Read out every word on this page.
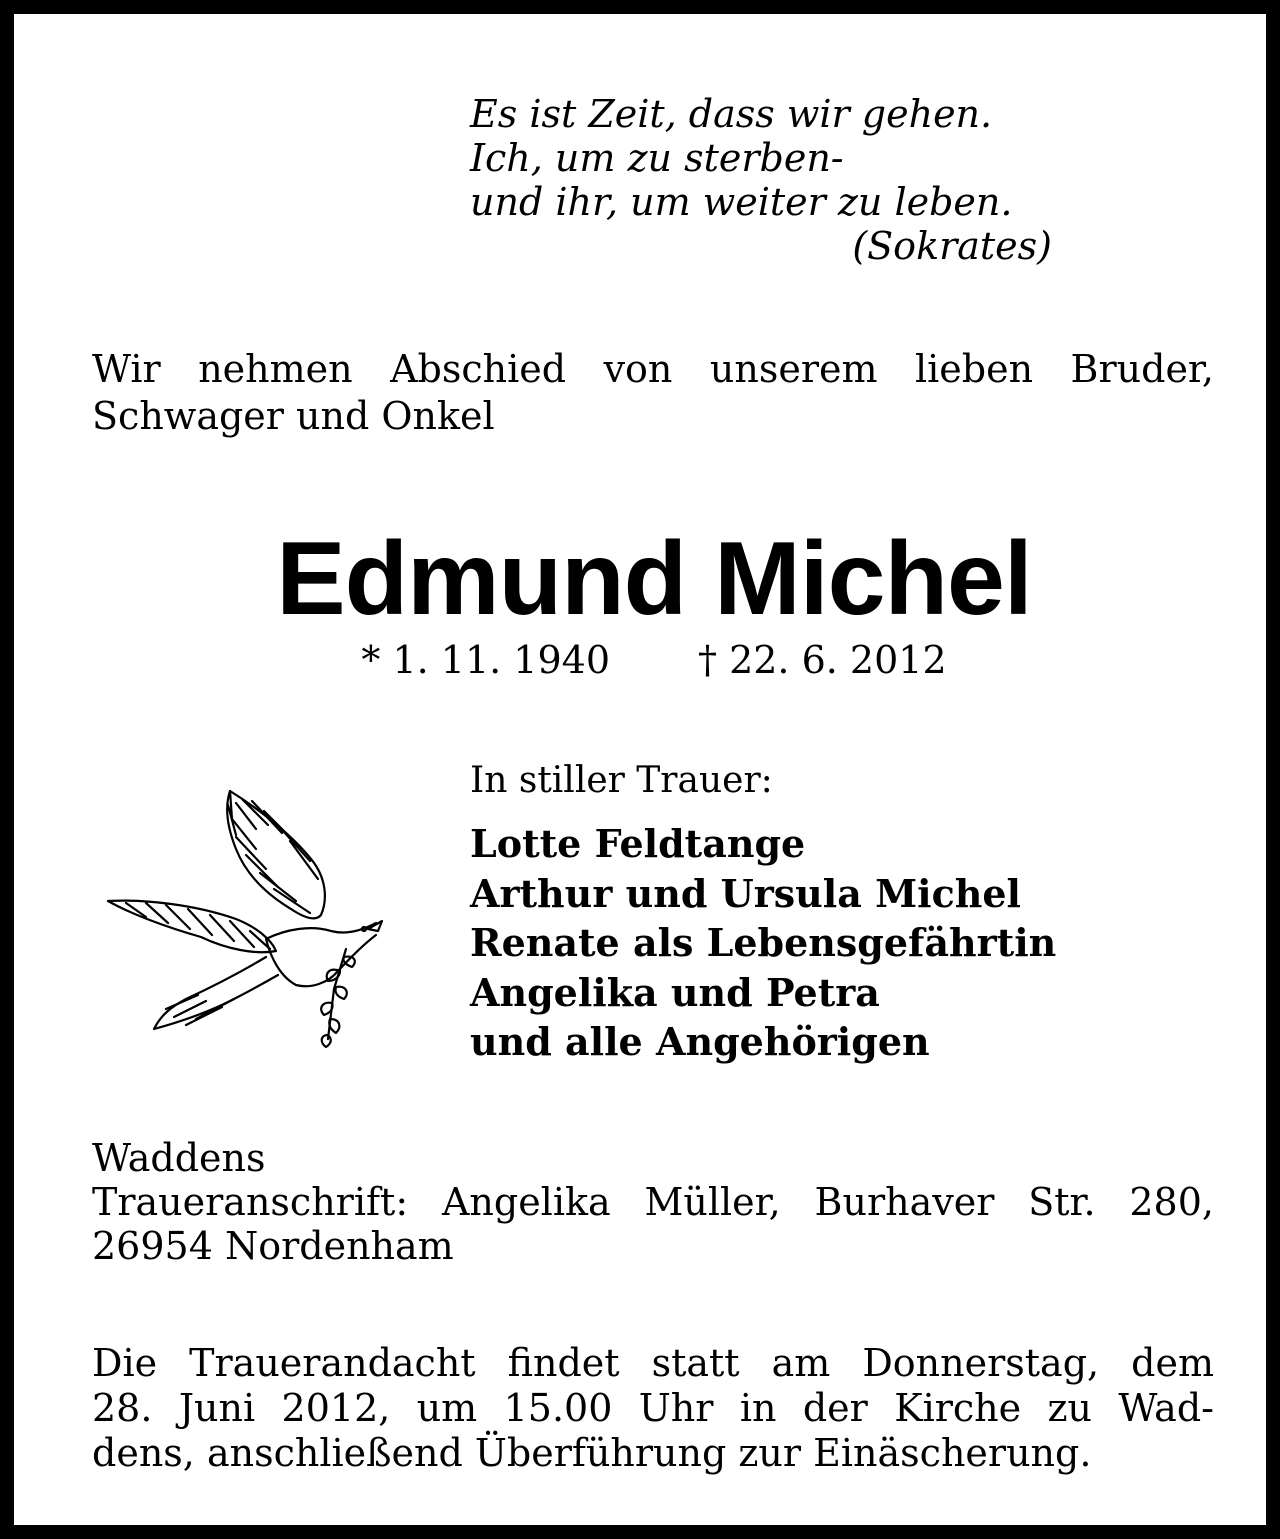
Es ist Zeit, dass wir gehen.
Ich, um zu sterben-
und ihr, um weiter zu leben.
(Sokrates)
Wir nehmen Abschied von unserem lieben Bruder,
Schwager und Onkel
Edmund Michel
* 1. 11. 1940 † 22. 6. 2012
In stiller Trauer:
Lotte Feldtange
Arthur und Ursula Michel
Renate als Lebensgefährtin
Angelika und Petra
und alle Angehörigen
Waddens
Traueranschrift: Angelika Müller, Burhaver Str. 280,
26954 Nordenham
Die Trauerandacht findet statt am Donnerstag, dem
28. Juni 2012, um 15.00 Uhr in der Kirche zu Wad-
dens, anschließend Überführung zur Einäscherung.
